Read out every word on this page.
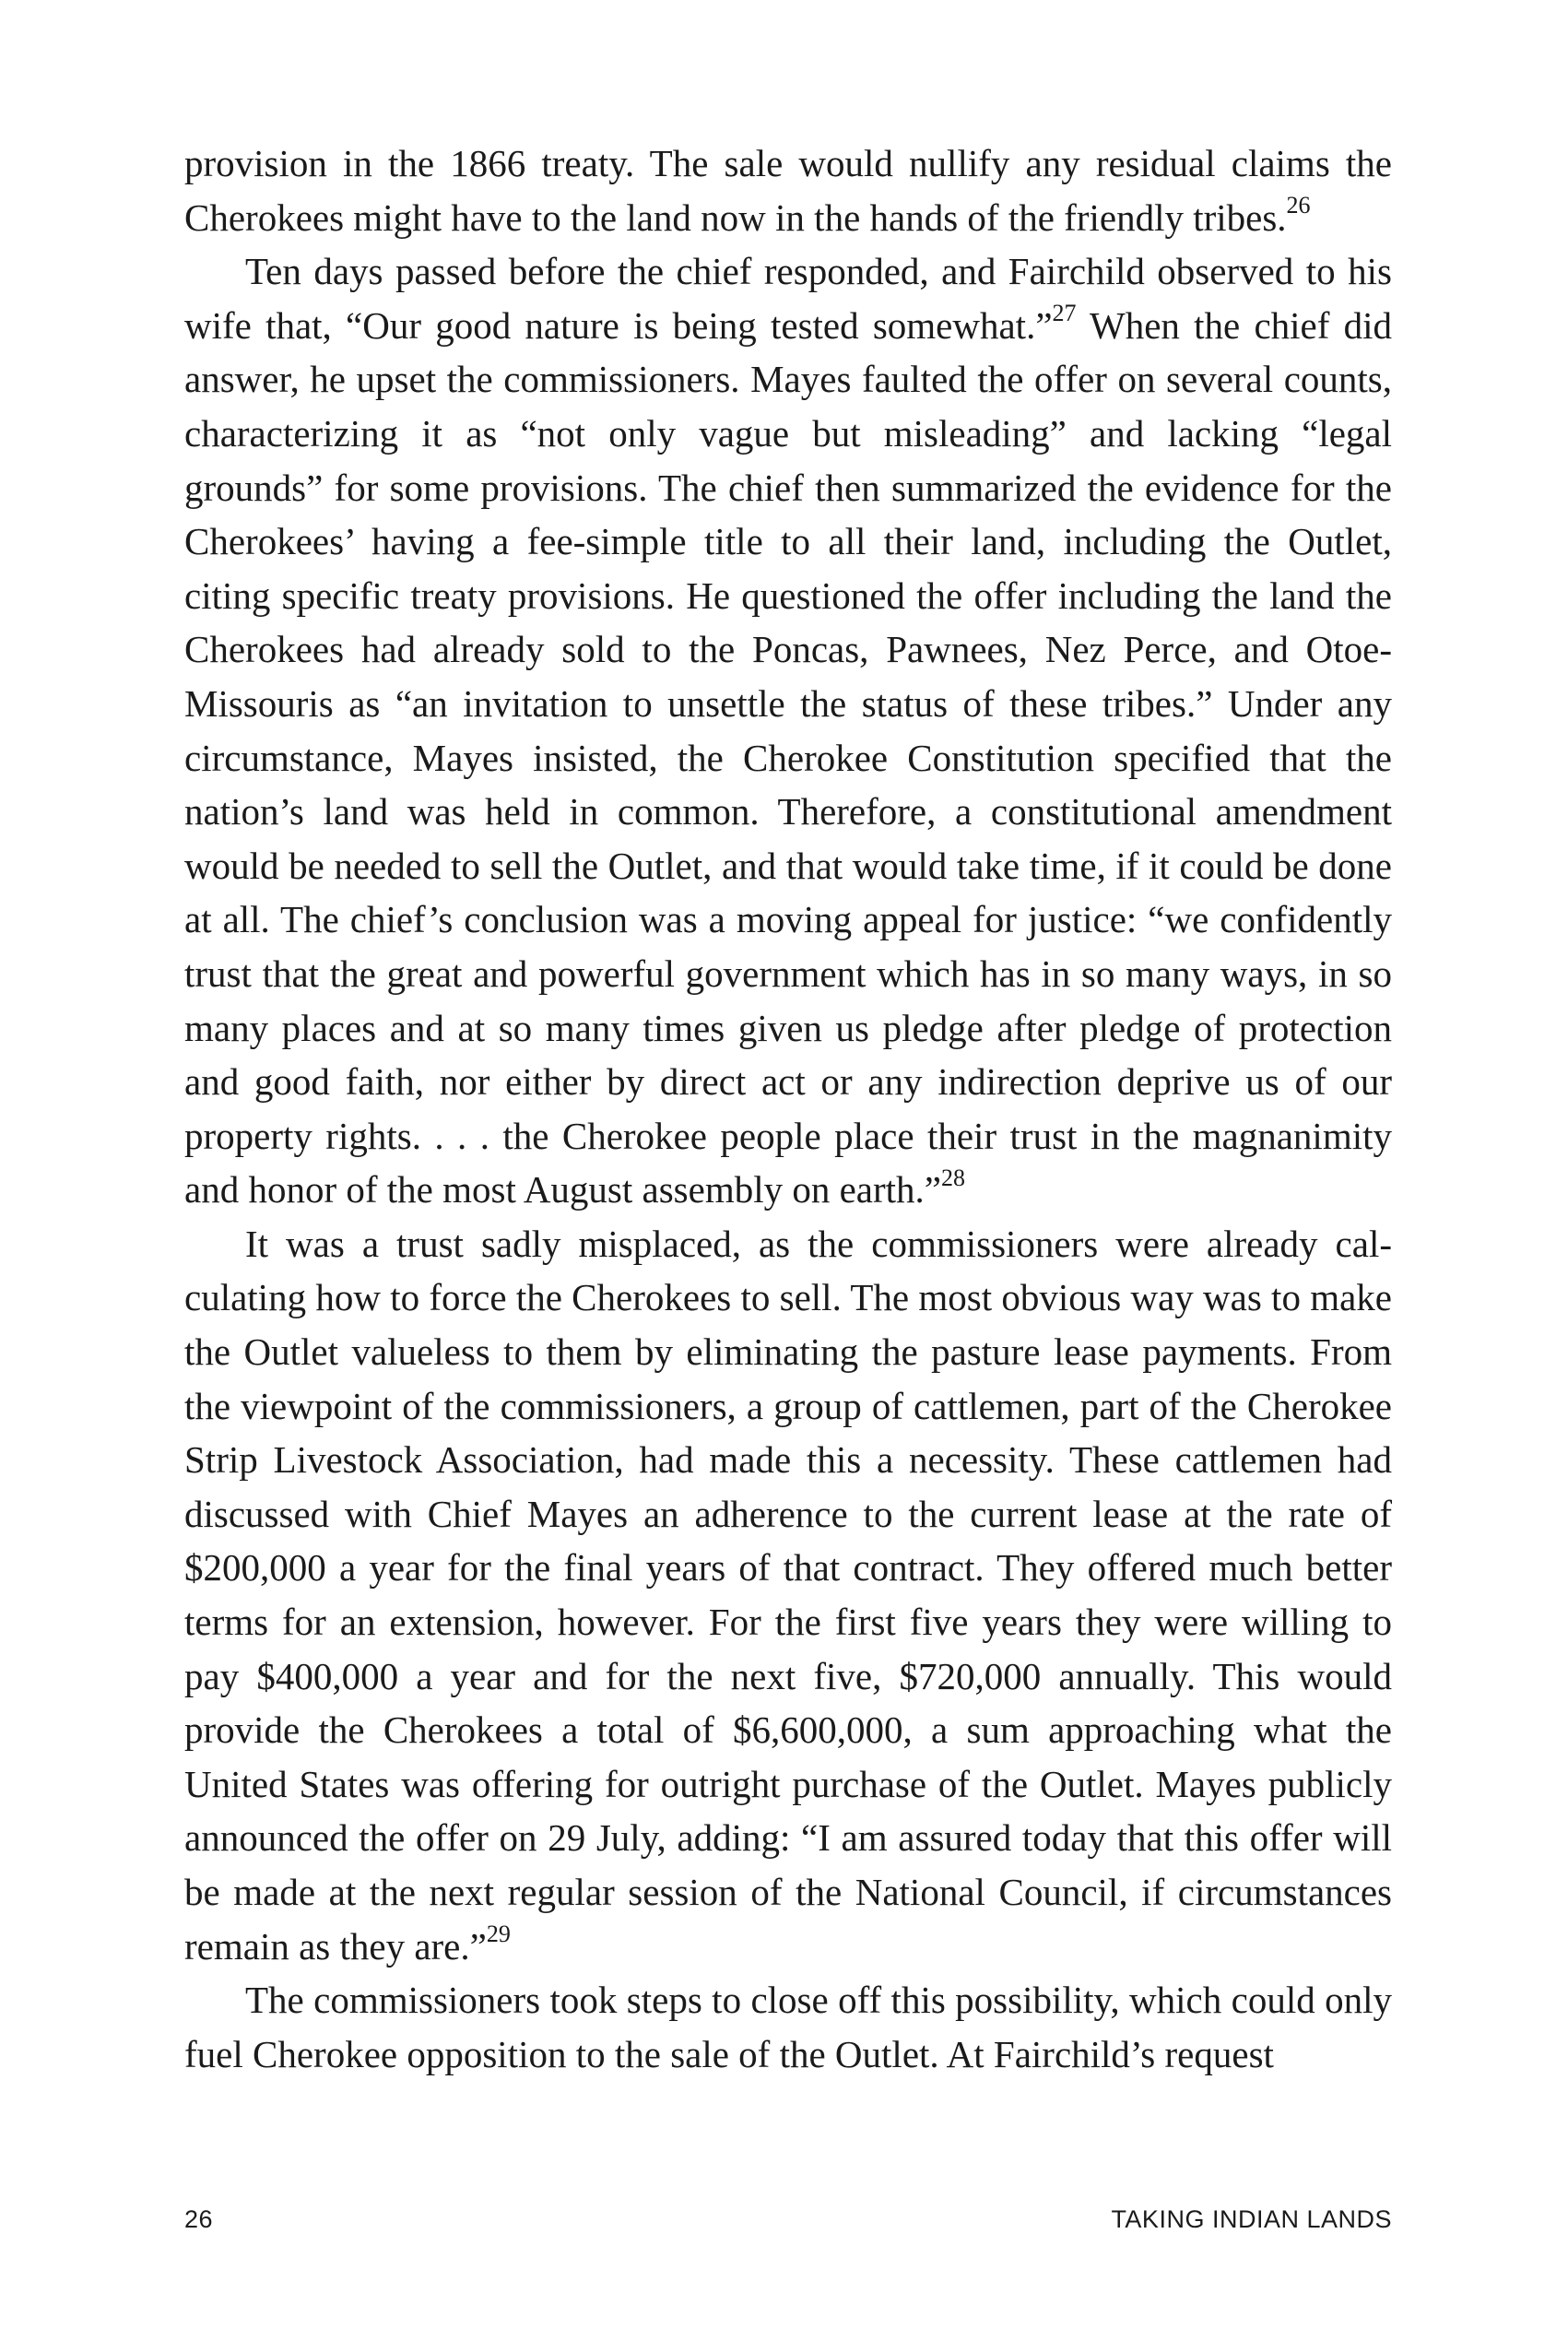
provision in the 1866 treaty. The sale would nullify any residual claims the Cherokees might have to the land now in the hands of the friendly tribes.$^{26}$

Ten days passed before the chief responded, and Fairchild observed to his wife that, “Our good nature is being tested somewhat.”$^{27}$ When the chief did answer, he upset the commissioners. Mayes faulted the offer on several counts, characterizing it as “not only vague but misleading” and lacking “legal grounds” for some provisions. The chief then summarized the evidence for the Cherokees’ having a fee-simple title to all their land, including the Outlet, citing specific treaty provisions. He questioned the offer including the land the Cherokees had already sold to the Poncas, Pawnees, Nez Perce, and Otoe-Missouris as “an invitation to unsettle the status of these tribes.” Under any circumstance, Mayes insisted, the Cherokee Constitution specified that the nation’s land was held in common. Therefore, a constitutional amendment would be needed to sell the Outlet, and that would take time, if it could be done at all. The chief’s conclusion was a moving appeal for justice: “we confidently trust that the great and powerful government which has in so many ways, in so many places and at so many times given us pledge after pledge of protection and good faith, nor either by direct act or any indirection deprive us of our property rights. . . . the Cherokee people place their trust in the magnanimity and honor of the most August assembly on earth.”$^{28}$

It was a trust sadly misplaced, as the commissioners were already calculating how to force the Cherokees to sell. The most obvious way was to make the Outlet valueless to them by eliminating the pasture lease payments. From the viewpoint of the commissioners, a group of cattlemen, part of the Cherokee Strip Livestock Association, had made this a necessity. These cattlemen had discussed with Chief Mayes an adherence to the current lease at the rate of $200,000 a year for the final years of that contract. They offered much better terms for an extension, however. For the first five years they were willing to pay $400,000 a year and for the next five, $720,000 annually. This would provide the Cherokees a total of $6,600,000, a sum approaching what the United States was offering for outright purchase of the Outlet. Mayes publicly announced the offer on 29 July, adding: “I am assured today that this offer will be made at the next regular session of the National Council, if circumstances remain as they are.”$^{29}$

The commissioners took steps to close off this possibility, which could only fuel Cherokee opposition to the sale of the Outlet. At Fairchild’s request

26	TAKING INDIAN LANDS
